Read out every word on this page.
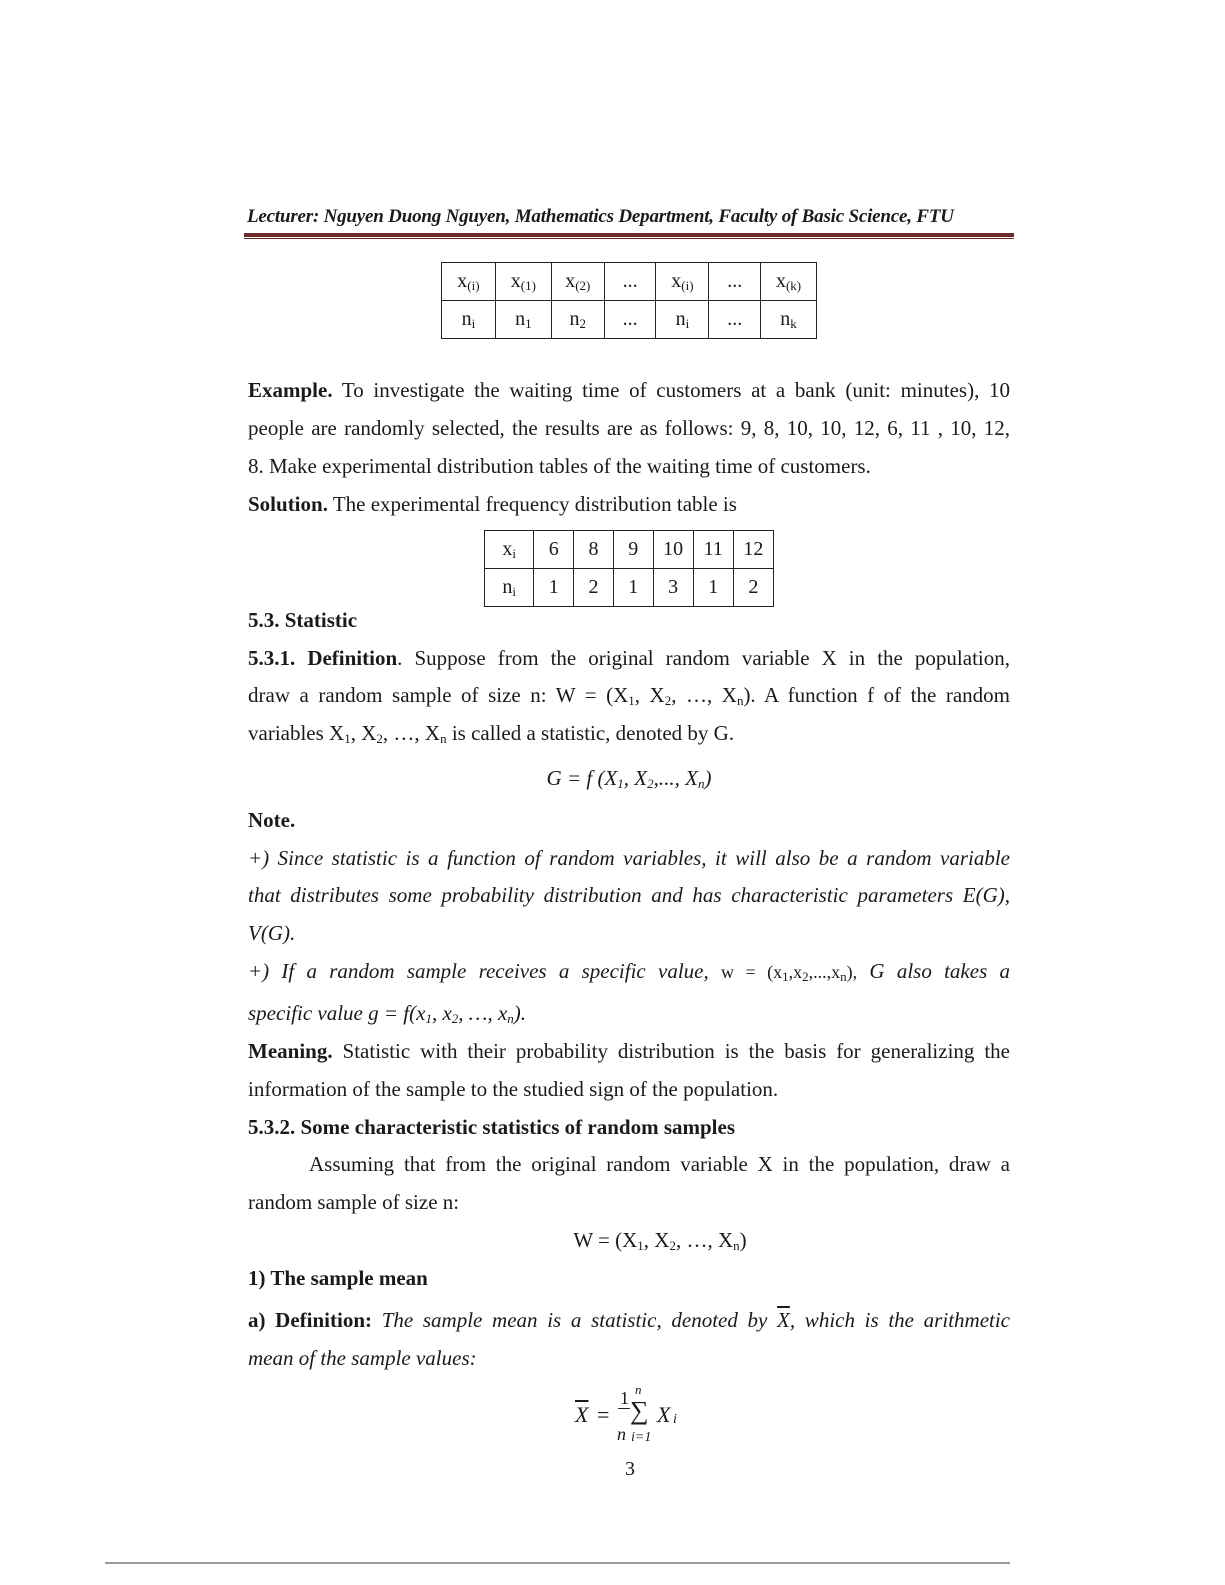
Lecturer: Nguyen Duong Nguyen, Mathematics Department, Faculty of Basic Science, FTU
$x_{(i)}$	$x_{(1)}$	$x_{(2)}$	...	$x_{(i)}$	...	$x_{(k)}$
$n_i$	$n_1$	$n_2$	...	$n_i$	...	$n_k$
Example. To investigate the waiting time of customers at a bank (unit: minutes), 10
people are randomly selected, the results are as follows: 9, 8, 10, 10, 12, 6, 11 , 10, 12,
8. Make experimental distribution tables of the waiting time of customers.
Solution. The experimental frequency distribution table is
$x_i$	6	8	9	10	11	12
$n_i$	1	2	1	3	1	2
5.3. Statistic
5.3.1. Definition. Suppose from the original random variable X in the population,
draw a random sample of size n: $W = (X_1$, $X_2$, …, $X_n$). A function f of the random
variables $X_1$, $X_2$, …, $X_n$ is called a statistic, denoted by G.
G = f ($X_1$, $X_2$,..., $X_n$)
Note.
+) Since statistic is a function of random variables, it will also be a random variable
that distributes some probability distribution and has characteristic parameters E(G),
V(G).
+) If a random sample receives a specific value, $w = (x_1,x_2,...,x_n)$, G also takes a
specific value $g = f(x_1$, $x_2$, …, $x_n$).
Meaning. Statistic with their probability distribution is the basis for generalizing the
information of the sample to the studied sign of the population.
5.3.2. Some characteristic statistics of random samples
Assuming that from the original random variable X in the population, draw a
random sample of size n:
$W = (X_1$, $X_2$, …, $X_n$)
1) The sample mean
a) Definition: The sample mean is a statistic, denoted by $\overline{X}$, which is the arithmetic
mean of the sample values:
$\overline{X}$ =
1
n
n
∑
i=1
X i
3
